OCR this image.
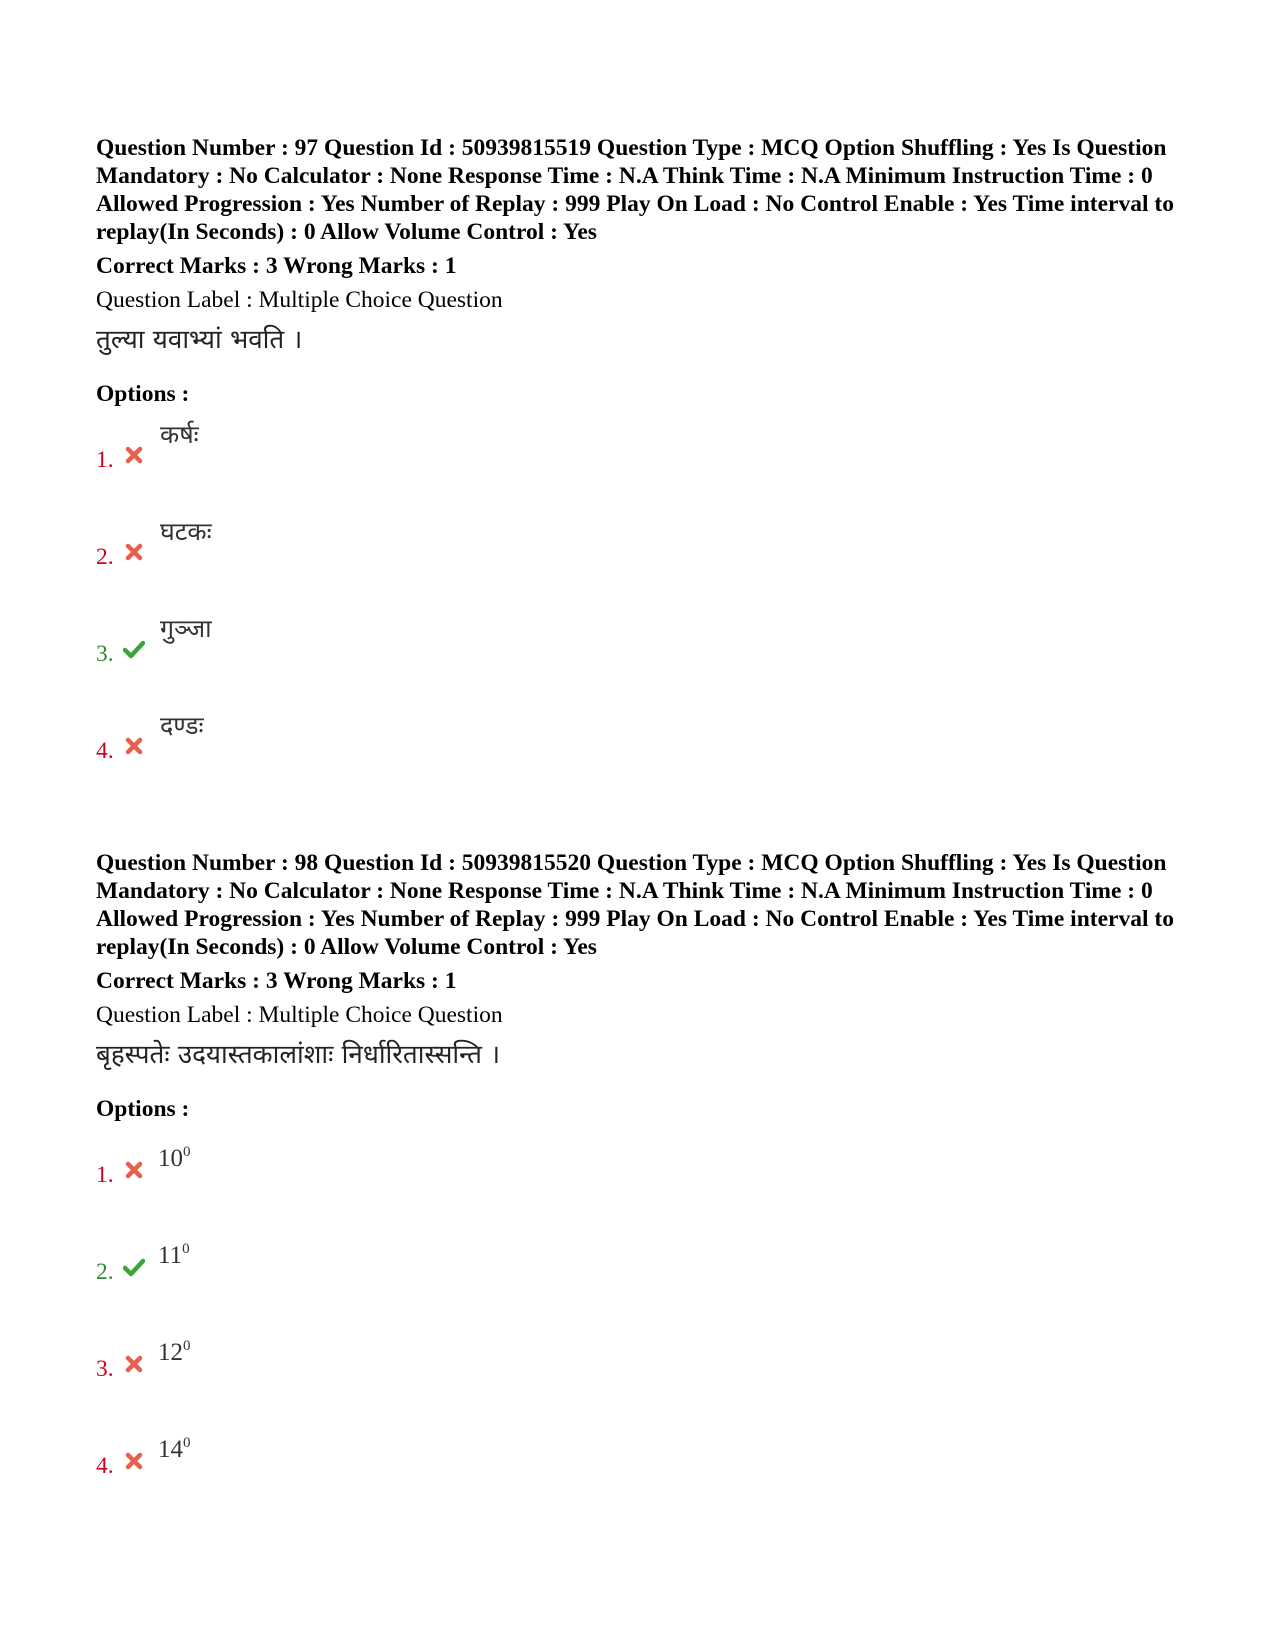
Question Number : 97 Question Id : 50939815519 Question Type : MCQ Option Shuffling : Yes Is Question Mandatory : No Calculator : None Response Time : N.A Think Time : N.A Minimum Instruction Time : 0 Allowed Progression : Yes Number of Replay : 999 Play On Load : No Control Enable : Yes Time interval to replay(In Seconds) : 0 Allow Volume Control : Yes

Correct Marks : 3 Wrong Marks : 1
Question Label : Multiple Choice Question
तुल्या यवाभ्यां भवति ।
Options :
1.
कर्षः
2.
घटकः
3.
गुञ्जा
4.
दण्डः

Question Number : 98 Question Id : 50939815520 Question Type : MCQ Option Shuffling : Yes Is Question Mandatory : No Calculator : None Response Time : N.A Think Time : N.A Minimum Instruction Time : 0 Allowed Progression : Yes Number of Replay : 999 Play On Load : No Control Enable : Yes Time interval to replay(In Seconds) : 0 Allow Volume Control : Yes

Correct Marks : 3 Wrong Marks : 1
Question Label : Multiple Choice Question
बृहस्पतेः उदयास्तकालांशाः निर्धारितास्सन्ति ।
Options :
1.
$10^0$
2.
$11^0$
3.
$12^0$
4.
$14^0$
